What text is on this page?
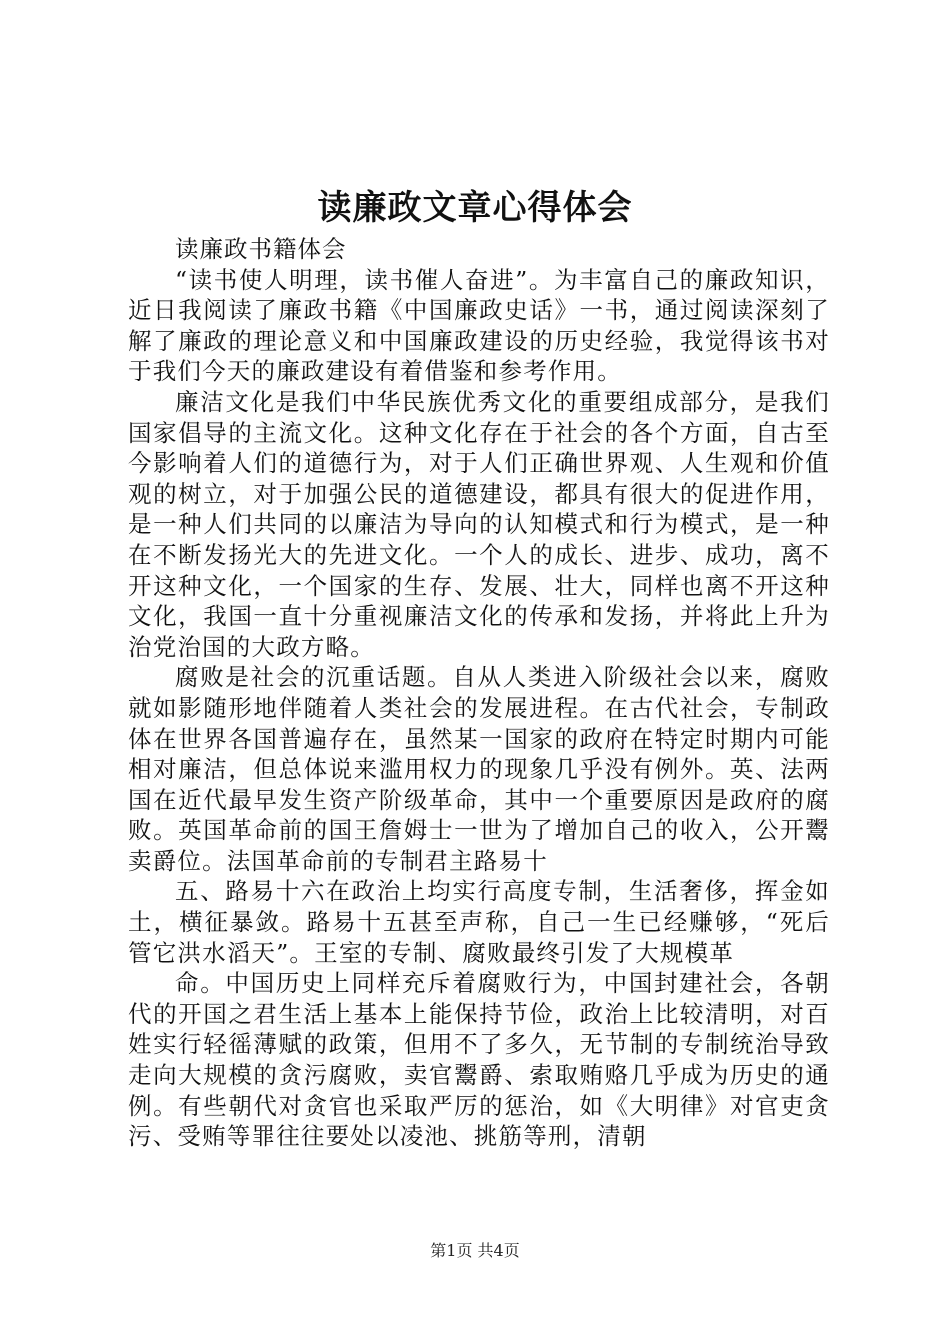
读廉政文章心得体会

读廉政书籍体会

“读书使人明理，读书催人奋进”。为丰富自己的廉政知识，近日我阅读了廉政书籍《中国廉政史话》一书，通过阅读深刻了解了廉政的理论意义和中国廉政建设的历史经验，我觉得该书对于我们今天的廉政建设有着借鉴和参考作用。

廉洁文化是我们中华民族优秀文化的重要组成部分，是我们国家倡导的主流文化。这种文化存在于社会的各个方面，自古至今影响着人们的道德行为，对于人们正确世界观、人生观和价值观的树立，对于加强公民的道德建设，都具有很大的促进作用，是一种人们共同的以廉洁为导向的认知模式和行为模式，是一种在不断发扬光大的先进文化。一个人的成长、进步、成功，离不开这种文化，一个国家的生存、发展、壮大，同样也离不开这种文化，我国一直十分重视廉洁文化的传承和发扬，并将此上升为治党治国的大政方略。

腐败是社会的沉重话题。自从人类进入阶级社会以来，腐败就如影随形地伴随着人类社会的发展进程。在古代社会，专制政体在世界各国普遍存在，虽然某一国家的政府在特定时期内可能相对廉洁，但总体说来滥用权力的现象几乎没有例外。英、法两国在近代最早发生资产阶级革命，其中一个重要原因是政府的腐败。英国革命前的国王詹姆士一世为了增加自己的收入，公开鬻卖爵位。法国革命前的专制君主路易十

五、路易十六在政治上均实行高度专制，生活奢侈，挥金如土，横征暴敛。路易十五甚至声称，自己一生已经赚够，“死后管它洪水滔天”。王室的专制、腐败最终引发了大规模革

命。中国历史上同样充斥着腐败行为，中国封建社会，各朝代的开国之君生活上基本上能保持节俭，政治上比较清明，对百姓实行轻徭薄赋的政策，但用不了多久，无节制的专制统治导致走向大规模的贪污腐败，卖官鬻爵、索取贿赂几乎成为历史的通例。有些朝代对贪官也采取严厉的惩治，如《大明律》对官吏贪污、受贿等罪往往要处以凌池、挑筋等刑，清朝

第1页 共4页
